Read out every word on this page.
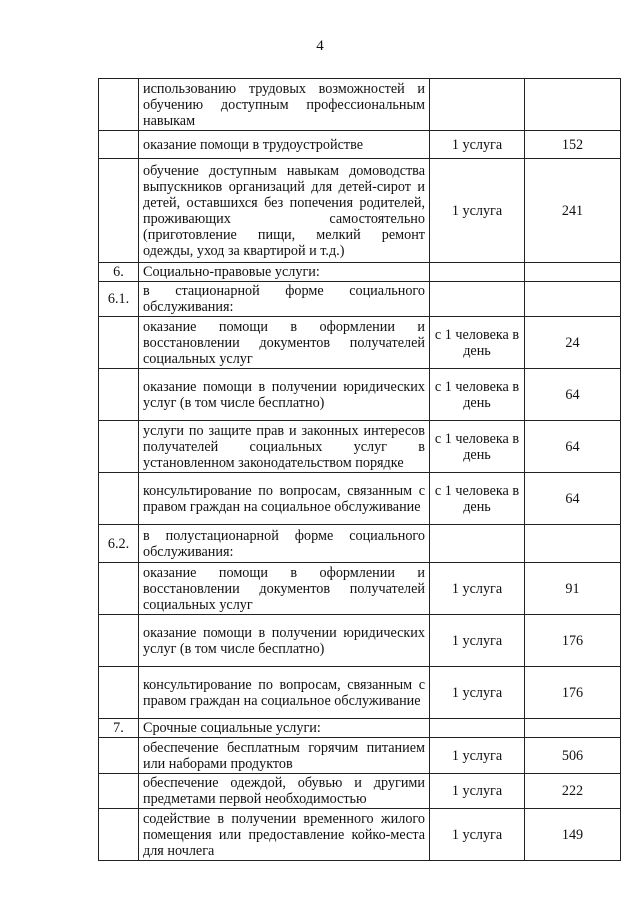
4
	использованию трудовых возможностей и обучению доступным профессиональным навыкам		
	оказание помощи в трудоустройстве	1 услуга	152
	обучение доступным навыкам домоводства выпускников организаций для детей-сирот и детей, оставшихся без попечения родителей, проживающих самостоятельно (приготовление пищи, мелкий ремонт одежды, уход за квартирой и т.д.)	1 услуга	241
6.	Социально-правовые услуги:		
6.1.	в стационарной форме социального обслуживания:		
	оказание помощи в оформлении и восстановлении документов получателей социальных услуг	с 1 человека в день	24
	оказание помощи в получении юридических услуг (в том числе бесплатно)	с 1 человека в день	64
	услуги по защите прав и законных интересов получателей социальных услуг в установленном законодательством порядке	с 1 человека в день	64
	консультирование по вопросам, связанным с правом граждан на социальное обслуживание	с 1 человека в день	64
6.2.	в полустационарной форме социального обслуживания:		
	оказание помощи в оформлении и восстановлении документов получателей социальных услуг	1 услуга	91
	оказание помощи в получении юридических услуг (в том числе бесплатно)	1 услуга	176
	консультирование по вопросам, связанным с правом граждан на социальное обслуживание	1 услуга	176
7.	Срочные социальные услуги:		
	обеспечение бесплатным горячим питанием или наборами продуктов	1 услуга	506
	обеспечение одеждой, обувью и другими предметами первой необходимостью	1 услуга	222
	содействие в получении временного жилого помещения или предоставление койко-места для ночлега	1 услуга	149
